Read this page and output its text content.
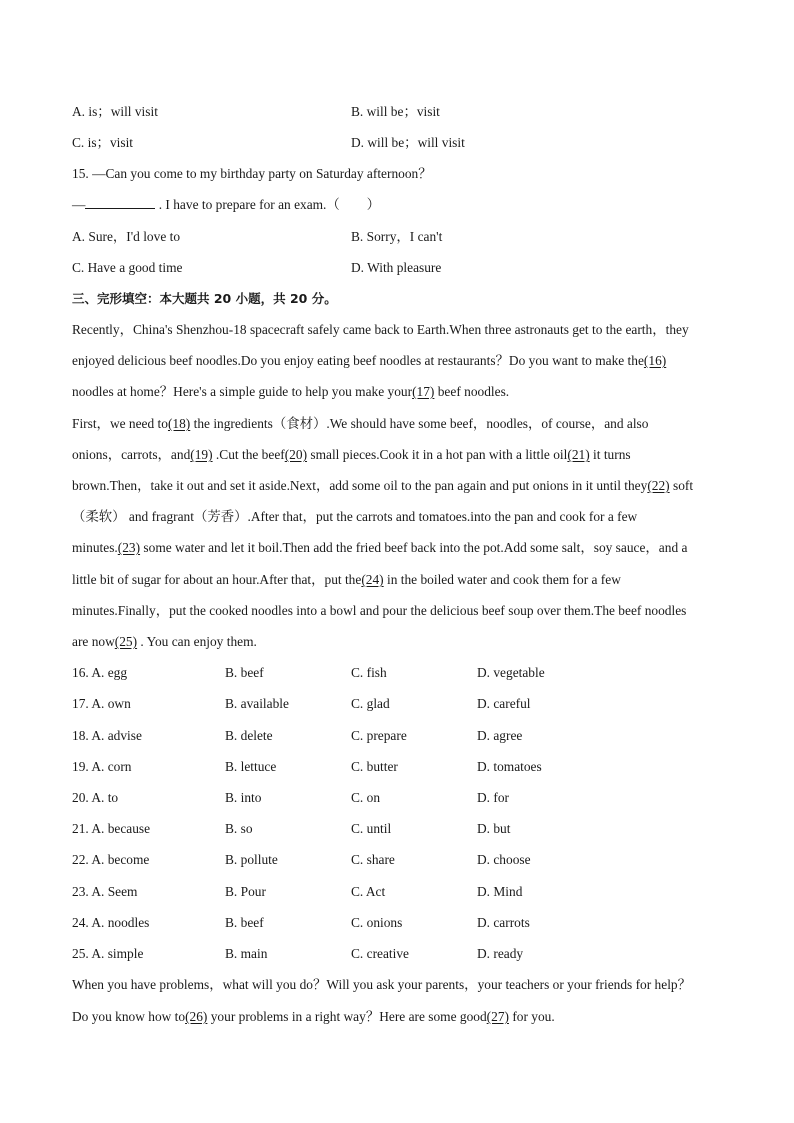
A. is；will visit	B. will be；visit
C. is；visit	D. will be；will visit
15. —Can you come to my birthday party on Saturday afternoon？
—	. I have to prepare for an exam.（　　）
A. Sure，I'd love to	B. Sorry，I can't
C. Have a good time	D. With pleasure
三、完形填空：本大题共 20 小题，共 20 分。
Recently，China's Shenzhou-18 spacecraft safely came back to Earth.When three astronauts get to the earth，they
enjoyed delicious beef noodles.Do you enjoy eating beef noodles at restaurants？Do you want to make the(16)
noodles at home？Here's a simple guide to help you make your(17) beef noodles.
First，we need to(18) the ingredients（食材）.We should have some beef，noodles，of course，and also
onions，carrots，and(19) .Cut the beef(20) small pieces.Cook it in a hot pan with a little oil(21) it turns
brown.Then，take it out and set it aside.Next，add some oil to the pan again and put onions in it until they(22) soft
（柔软） and fragrant（芳香）.After that，put the carrots and tomatoes.into the pan and cook for a few
minutes.(23) some water and let it boil.Then add the fried beef back into the pot.Add some salt，soy sauce，and a
little bit of sugar for about an hour.After that，put the(24) in the boiled water and cook them for a few
minutes.Finally，put the cooked noodles into a bowl and pour the delicious beef soup over them.The beef noodles
are now(25) . You can enjoy them.
16. A. egg	B. beef	C. fish	D. vegetable
17. A. own	B. available	C. glad	D. careful
18. A. advise	B. delete	C. prepare	D. agree
19. A. corn	B. lettuce	C. butter	D. tomatoes
20. A. to	B. into	C. on	D. for
21. A. because	B. so	C. until	D. but
22. A. become	B. pollute	C. share	D. choose
23. A. Seem	B. Pour	C. Act	D. Mind
24. A. noodles	B. beef	C. onions	D. carrots
25. A. simple	B. main	C. creative	D. ready
When you have problems，what will you do？Will you ask your parents，your teachers or your friends for help？
Do you know how to(26) your problems in a right way？Here are some good(27) for you.
